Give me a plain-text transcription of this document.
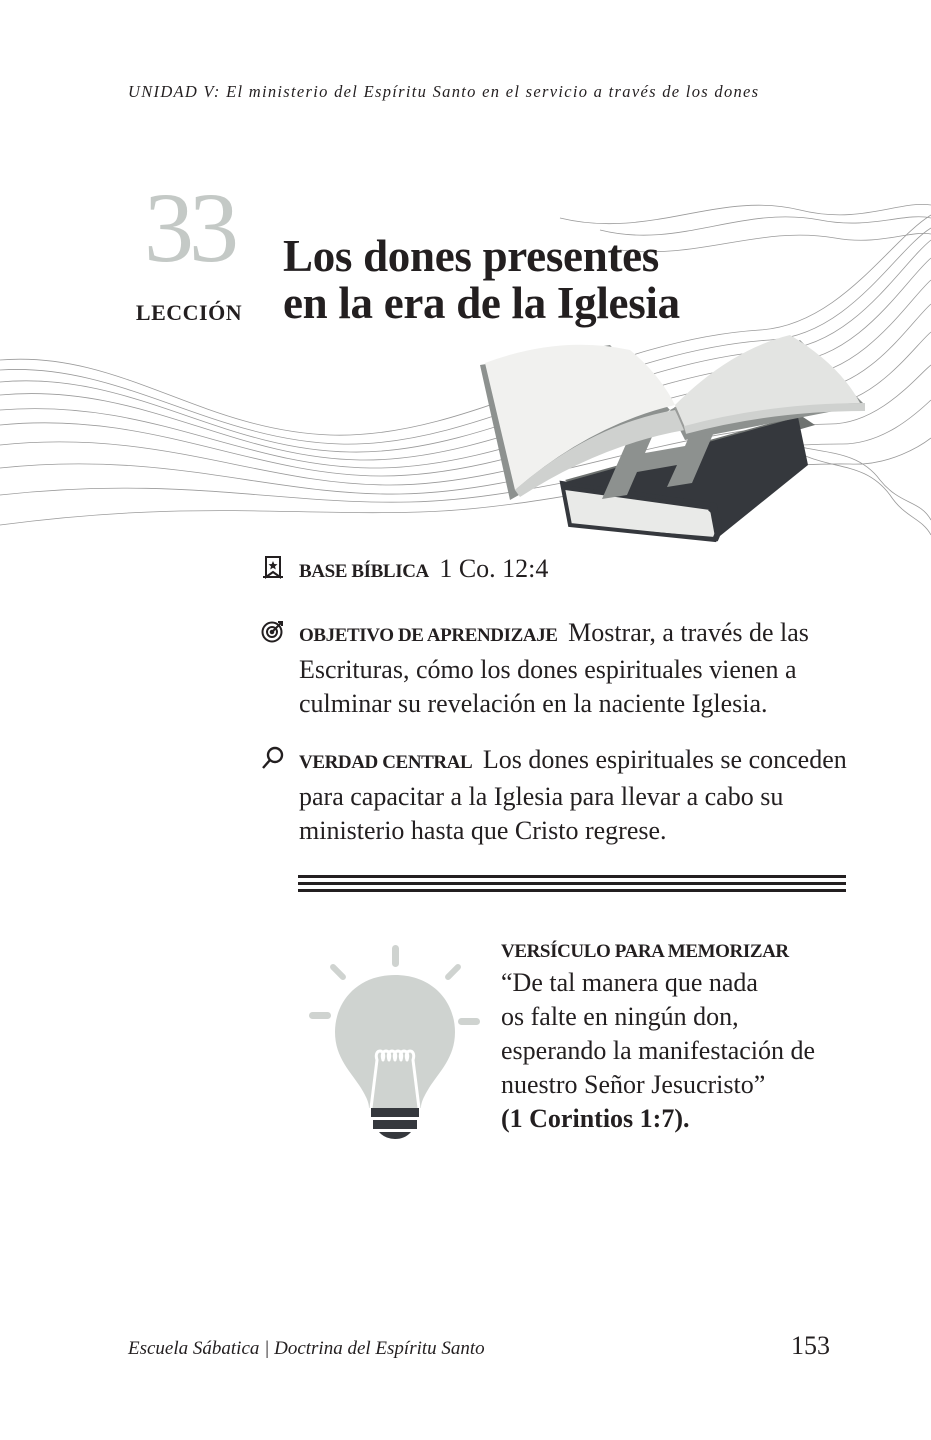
UNIDAD V: El ministerio del Espíritu Santo en el servicio a través de los dones
33
LECCIÓN
Los dones presentes
en la era de la Iglesia
BASE BÍBLICA 1 Co. 12:4
OBJETIVO DE APRENDIZAJE Mostrar, a través de las Escrituras, cómo los dones espirituales vienen a culminar su revelación en la naciente Iglesia.
VERDAD CENTRAL Los dones espirituales se conceden para capacitar a la Iglesia para llevar a cabo su ministerio hasta que Cristo regrese.
VERSÍCULO PARA MEMORIZAR
“De tal manera que nada
os falte en ningún don,
esperando la manifestación de
nuestro Señor Jesucristo”
(1 Corintios 1:7).
Escuela Sábatica | Doctrina del Espíritu Santo	153
